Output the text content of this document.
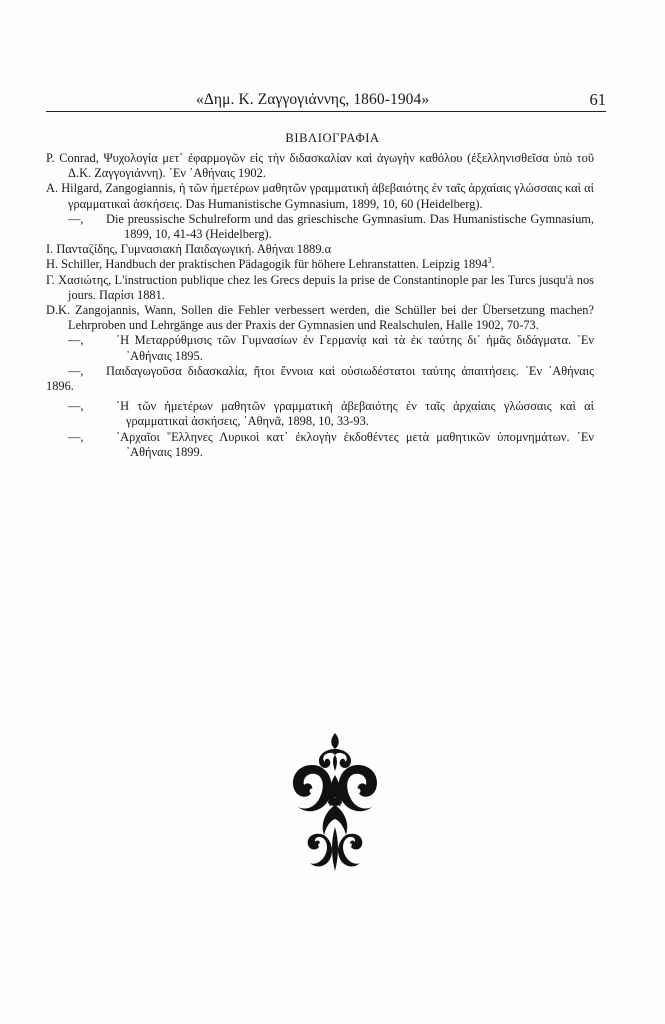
«Δημ. Κ. Ζαγγογιάννης, 1860-1904»	61
ΒΙΒΛΙΟΓΡΑΦΙΑ

P. Conrad, Ψυχολογία μετ᾽ ἐφαρμογῶν εἰς τὴν διδασκαλίαν καὶ ἀγωγὴν καθόλου (ἐξελληνισθεῖσα ὑπὸ τοῦ Δ.Κ. Ζαγγογιάννη). ᾽Εν ᾽Αθήναις 1902.

A. Hilgard, Zangogiannis, ἡ τῶν ἡμετέρων μαθητῶν γραμματικὴ ἀβεβαιότης ἐν ταῖς ἀρχαίαις γλώσσαις καὶ αἱ γραμματικαὶ ἀσκήσεις. Das Humanistische Gymnasium, 1899, 10, 60 (Heidelberg).

—,	Die preussische Schulreform und das grieschische Gymnasium. Das Humanistische Gymnasium, 1899, 10, 41-43 (Heidelberg).

Ι. Πανταζίδης, Γυμνασιακὴ Παιδαγωγική. Αθήναι 1889.α

H. Schiller, Handbuch der praktischen Pädagogik für höhere Lehranstatten. Leipzig 1894$^3$.

Γ. Χασιώτης, L'instruction publique chez les Grecs depuis la prise de Constantinople par les Turcs jusqu'à nos jours. Παρίσι 1881.

D.K. Zangojannis, Wann, Sollen die Fehler verbessert werden, die Schüller bei der Übersetzung machen? Lehrproben und Lehrgänge aus der Praxis der Gymnasien und Realschulen, Halle 1902, 70-73.

—,	῾Η Μεταρρύθμισις τῶν Γυμνασίων ἐν Γερμανίᾳ καὶ τὰ ἐκ ταύτης δι᾽ ἡμᾶς διδάγματα. ᾽Εν ᾽Αθήναις 1895.

—,	Παιδαγωγοῦσα διδασκαλία, ἤτοι ἔννοια καὶ οὐσιωδέστατοι ταύτης ἀπαιτήσεις. ᾽Εν ᾽Αθήναις 1896.

—,	῾Η τῶν ἡμετέρων μαθητῶν γραμματικὴ ἀβεβαιότης ἐν ταῖς ἀρχαίαις γλώσσαις καὶ αἱ γραμματικαὶ ἀσκήσεις, ᾽Αθηνᾶ, 1898, 10, 33-93.

—,	᾽Αρχαῖοι ῞Ελληνες Λυρικοὶ κατ᾽ ἐκλογὴν ἐκδοθέντες μετὰ μαθητικῶν ὑπομνημάτων. ᾽Εν ᾽Αθήναις 1899.
